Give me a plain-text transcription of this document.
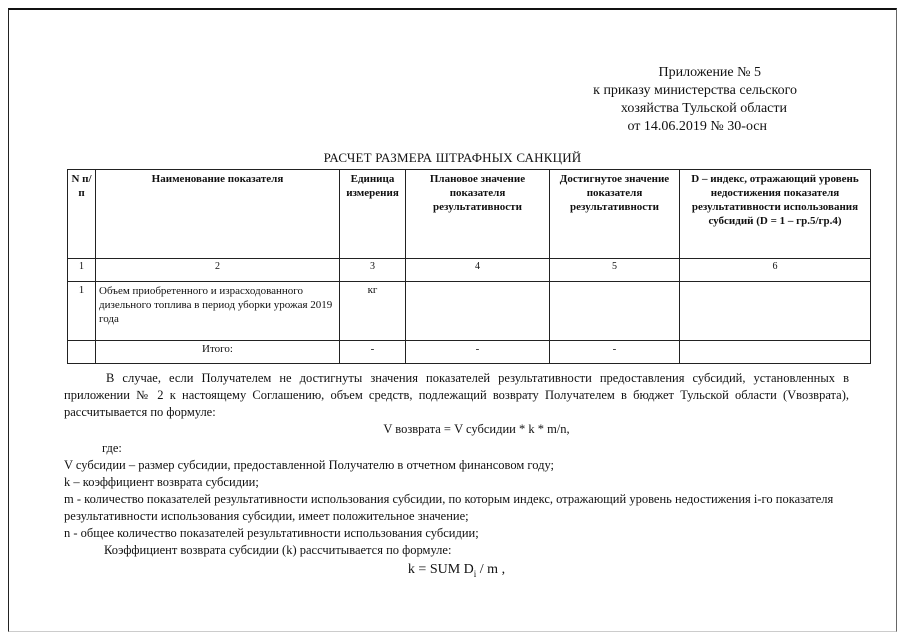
Приложение № 5
к приказу министерства сельского
хозяйства Тульской области
от 14.06.2019 № 30-осн
РАСЧЕТ РАЗМЕРА ШТРАФНЫХ САНКЦИЙ
N п/п	Наименование показателя	Единица измерения	Плановое значение показателя результативности	Достигнутое значение показателя результативности	D – индекс, отражающий уровень недостижения показателя результативности использования субсидий (D = 1 – гр.5/гр.4)
1	2	3	4	5	6
1	Объем приобретенного и израсходованного дизельного топлива в период уборки урожая 2019 года	кг			
	Итого:	-	-	-	
В случае, если Получателем не достигнуты значения показателей результативности предоставления субсидий, установленных в приложении № 2 к настоящему Соглашению, объем средств, подлежащий возврату Получателем в бюджет Тульской области (Vвозврата), рассчитывается по формуле:
V возврата = V субсидии * k * m/n,
где:
V субсидии – размер субсидии, предоставленной Получателю в отчетном финансовом году;
k – коэффициент возврата субсидии;
m - количество показателей результативности использования субсидии, по которым индекс, отражающий уровень недостижения i-го показателя результативности использования субсидии, имеет положительное значение;
n - общее количество показателей результативности использования субсидии;
Коэффициент возврата субсидии (k) рассчитывается по формуле:
k = SUM $D_i$ / m ,
